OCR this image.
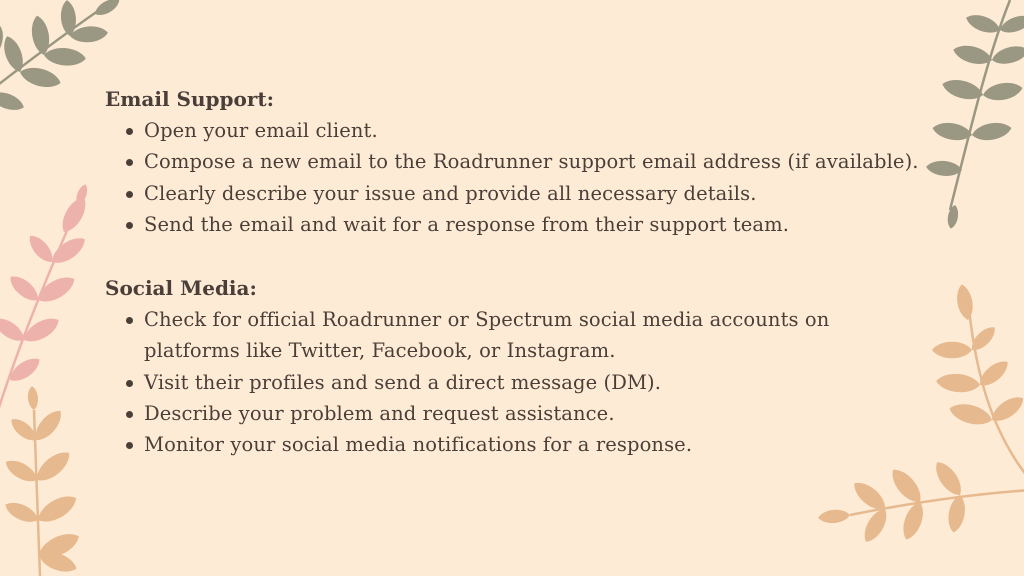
Email Support:
Open your email client.
Compose a new email to the Roadrunner support email address (if available).
Clearly describe your issue and provide all necessary details.
Send the email and wait for a response from their support team.
Social Media:
Check for official Roadrunner or Spectrum social media accounts on platforms like Twitter, Facebook, or Instagram.
Visit their profiles and send a direct message (DM).
Describe your problem and request assistance.
Monitor your social media notifications for a response.
